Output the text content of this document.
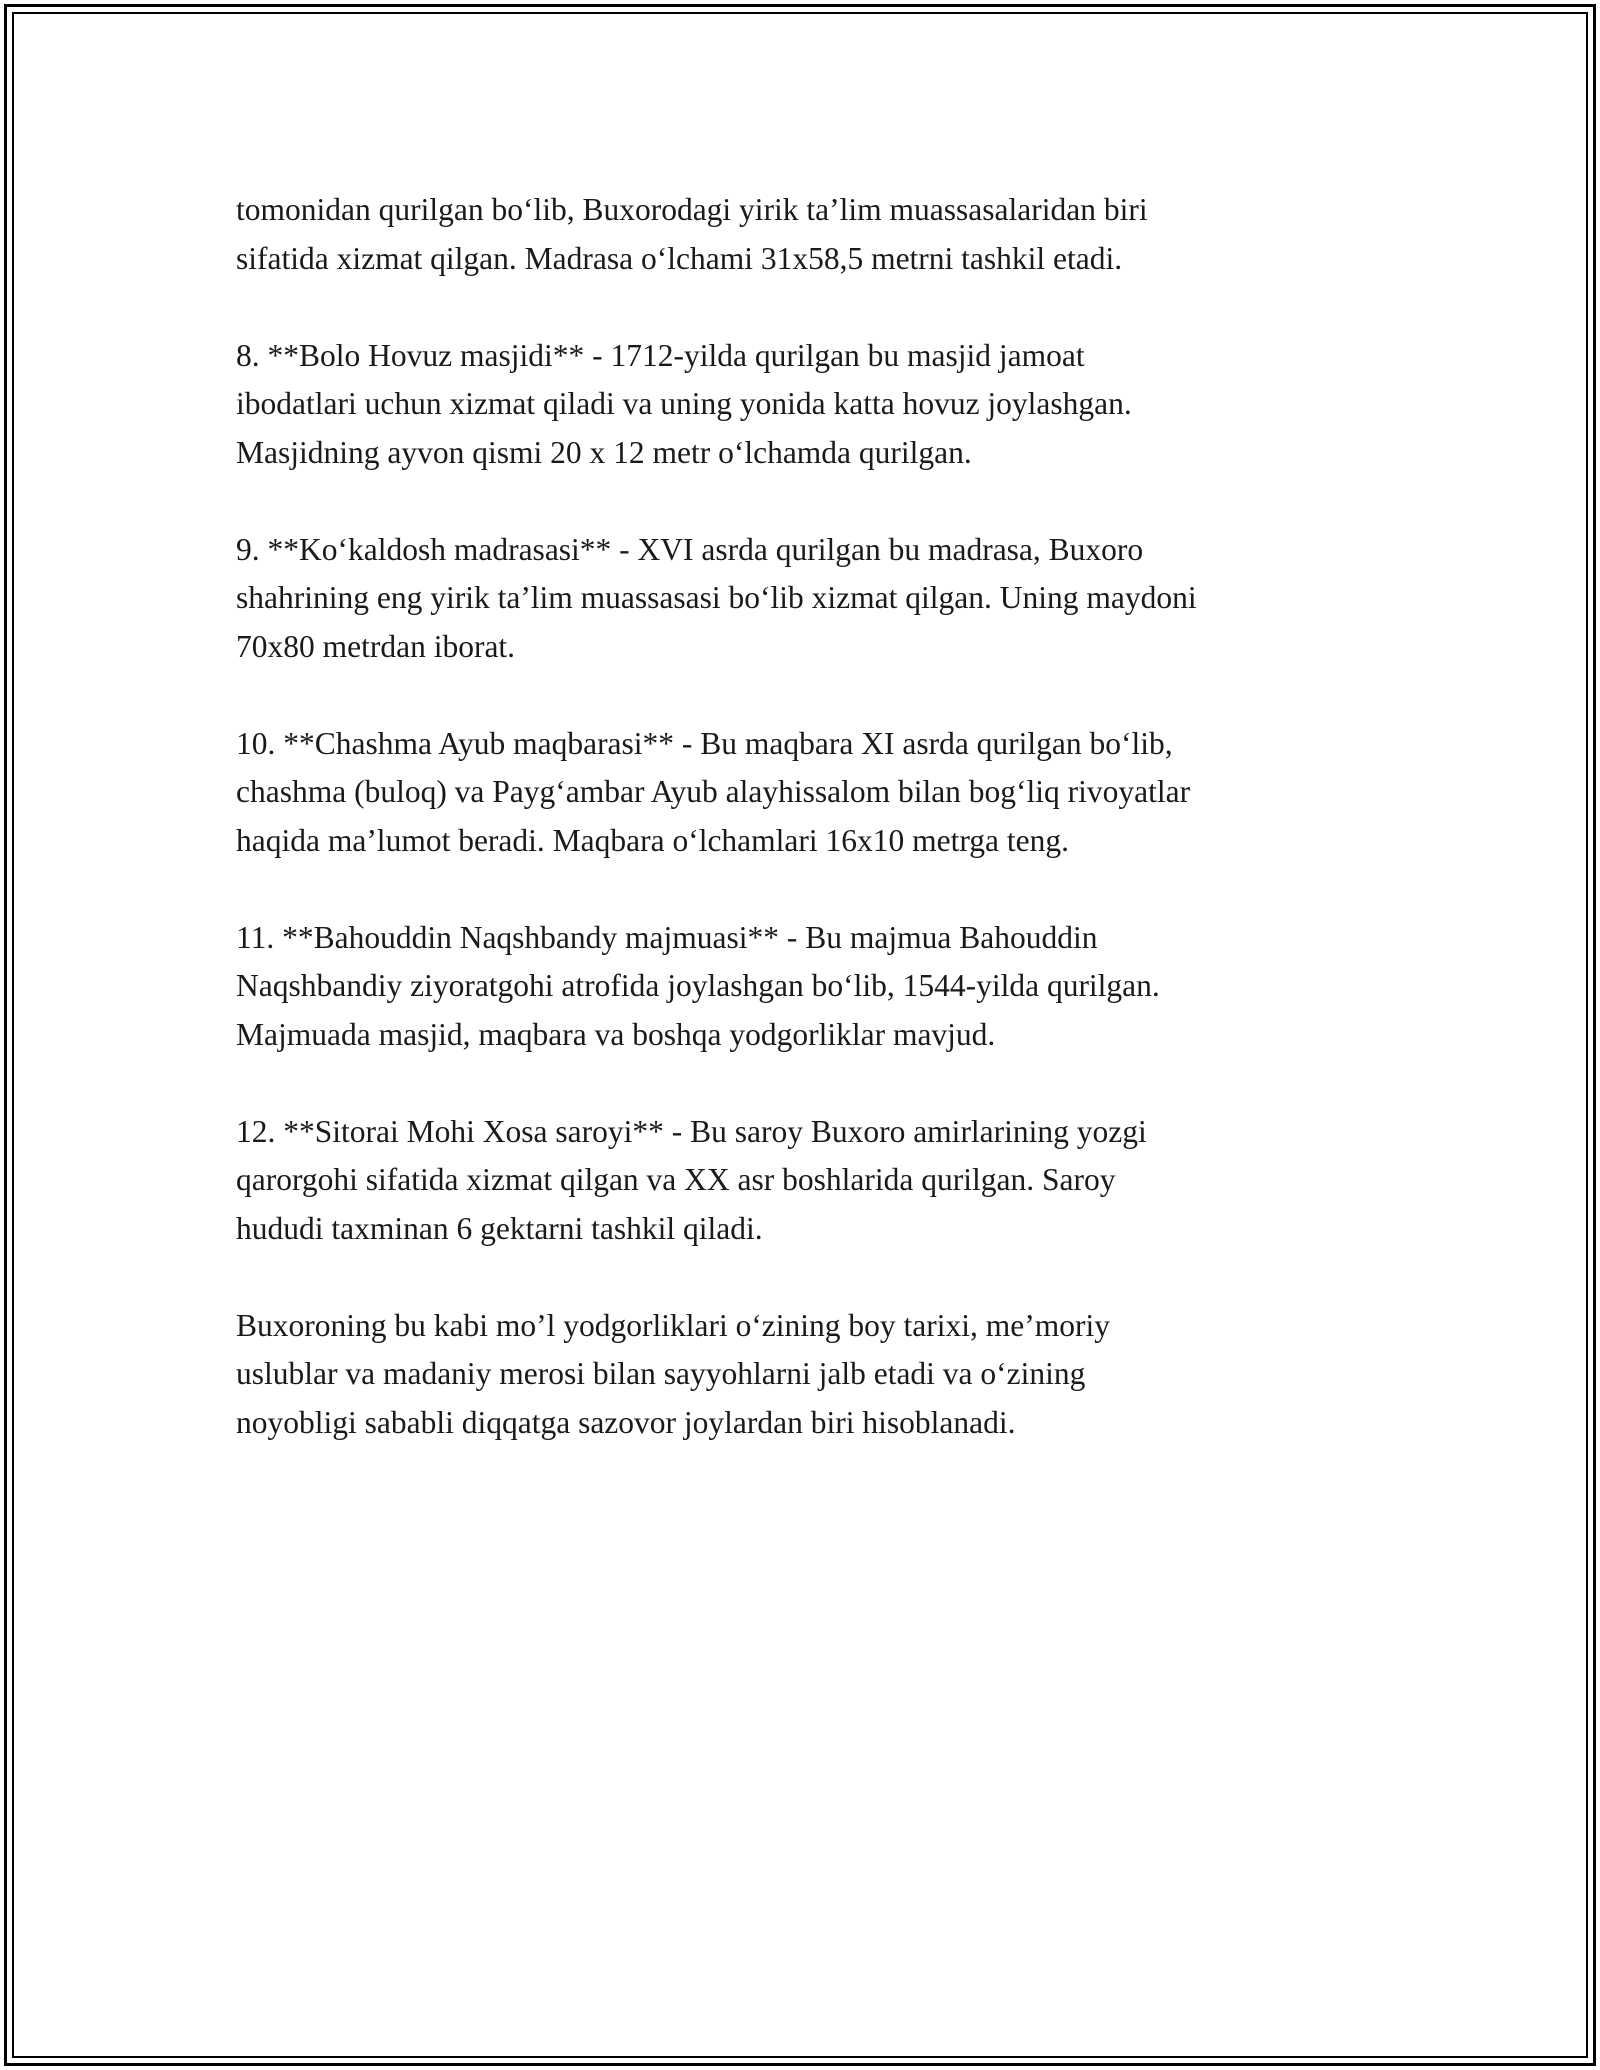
tomonidan qurilgan bo‘lib, Buxorodagi yirik ta’lim muassasalaridan biri
sifatida xizmat qilgan. Madrasa o‘lchami 31x58,5 metrni tashkil etadi.

8. **Bolo Hovuz masjidi** - 1712-yilda qurilgan bu masjid jamoat
ibodatlari uchun xizmat qiladi va uning yonida katta hovuz joylashgan.
Masjidning ayvon qismi 20 x 12 metr o‘lchamda qurilgan.

9. **Ko‘kaldosh madrasasi** - XVI asrda qurilgan bu madrasa, Buxoro
shahrining eng yirik ta’lim muassasasi bo‘lib xizmat qilgan. Uning maydoni
70x80 metrdan iborat.

10. **Chashma Ayub maqbarasi** - Bu maqbara XI asrda qurilgan bo‘lib,
chashma (buloq) va Payg‘ambar Ayub alayhissalom bilan bog‘liq rivoyatlar
haqida ma’lumot beradi. Maqbara o‘lchamlari 16x10 metrga teng.

11. **Bahouddin Naqshbandy majmuasi** - Bu majmua Bahouddin
Naqshbandiy ziyoratgohi atrofida joylashgan bo‘lib, 1544-yilda qurilgan.
Majmuada masjid, maqbara va boshqa yodgorliklar mavjud.

12. **Sitorai Mohi Xosa saroyi** - Bu saroy Buxoro amirlarining yozgi
qarorgohi sifatida xizmat qilgan va XX asr boshlarida qurilgan. Saroy
hududi taxminan 6 gektarni tashkil qiladi.

Buxoroning bu kabi mo’l yodgorliklari o‘zining boy tarixi, me’moriy
uslublar va madaniy merosi bilan sayyohlarni jalb etadi va o‘zining
noyobligi sababli diqqatga sazovor joylardan biri hisoblanadi.
